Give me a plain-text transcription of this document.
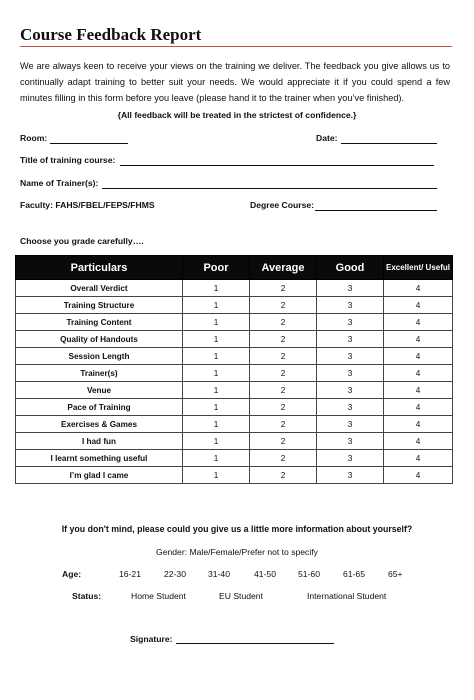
Course Feedback Report
We are always keen to receive your views on the training we deliver. The feedback you give allows us to continually adapt training to better suit your needs. We would appreciate it if you could spend a few minutes filling in this form before you leave (please hand it to the trainer when you’ve finished).
{All feedback will be treated in the strictest of confidence.}
Room:	Date:
Title of training course:
Name of Trainer(s):
Faculty: FAHS/FBEL/FEPS/FHMS	Degree Course:
Choose you grade carefully….
Particulars	Poor	Average	Good	Excellent/ Useful
Overall Verdict	1	2	3	4
Training Structure	1	2	3	4
Training Content	1	2	3	4
Quality of Handouts	1	2	3	4
Session Length	1	2	3	4
Trainer(s)	1	2	3	4
Venue	1	2	3	4
Pace of Training	1	2	3	4
Exercises & Games	1	2	3	4
I had fun	1	2	3	4
I learnt something useful	1	2	3	4
I’m glad I came	1	2	3	4
If you don't mind, please could you give us a little more information about yourself?
Gender: Male/Female/Prefer not to specify
Age:	16-21	22-30	31-40	41-50	51-60	61-65	65+
Status:	Home Student	EU Student	International Student
Signature:
